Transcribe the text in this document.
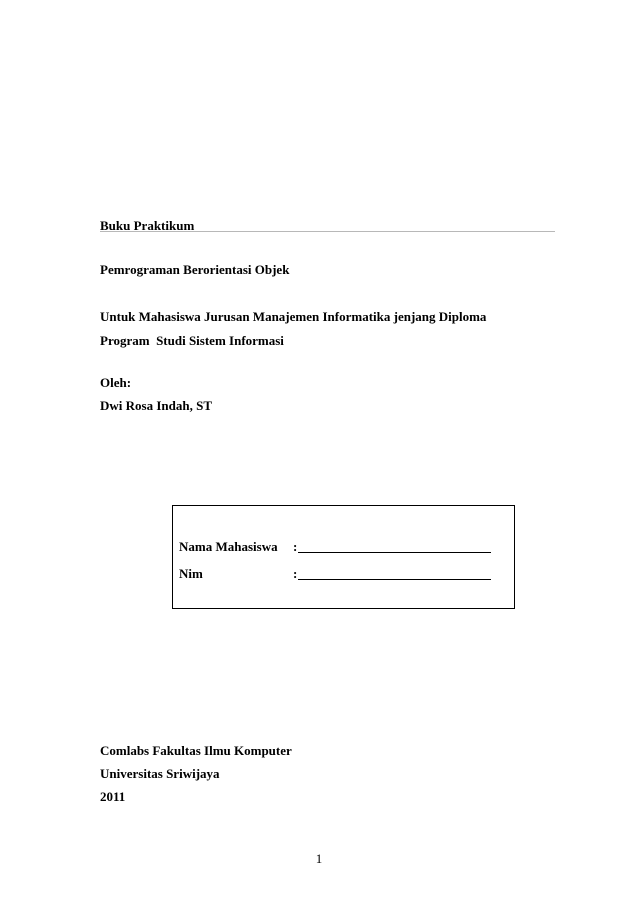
Buku Praktikum
Pemrograman Berorientasi Objek
Untuk Mahasiswa Jurusan Manajemen Informatika jenjang Diploma
Program  Studi Sistem Informasi
Oleh:
Dwi Rosa Indah, ST
Nama Mahasiswa :
Nim	:
Comlabs Fakultas Ilmu Komputer
Universitas Sriwijaya
2011
1
